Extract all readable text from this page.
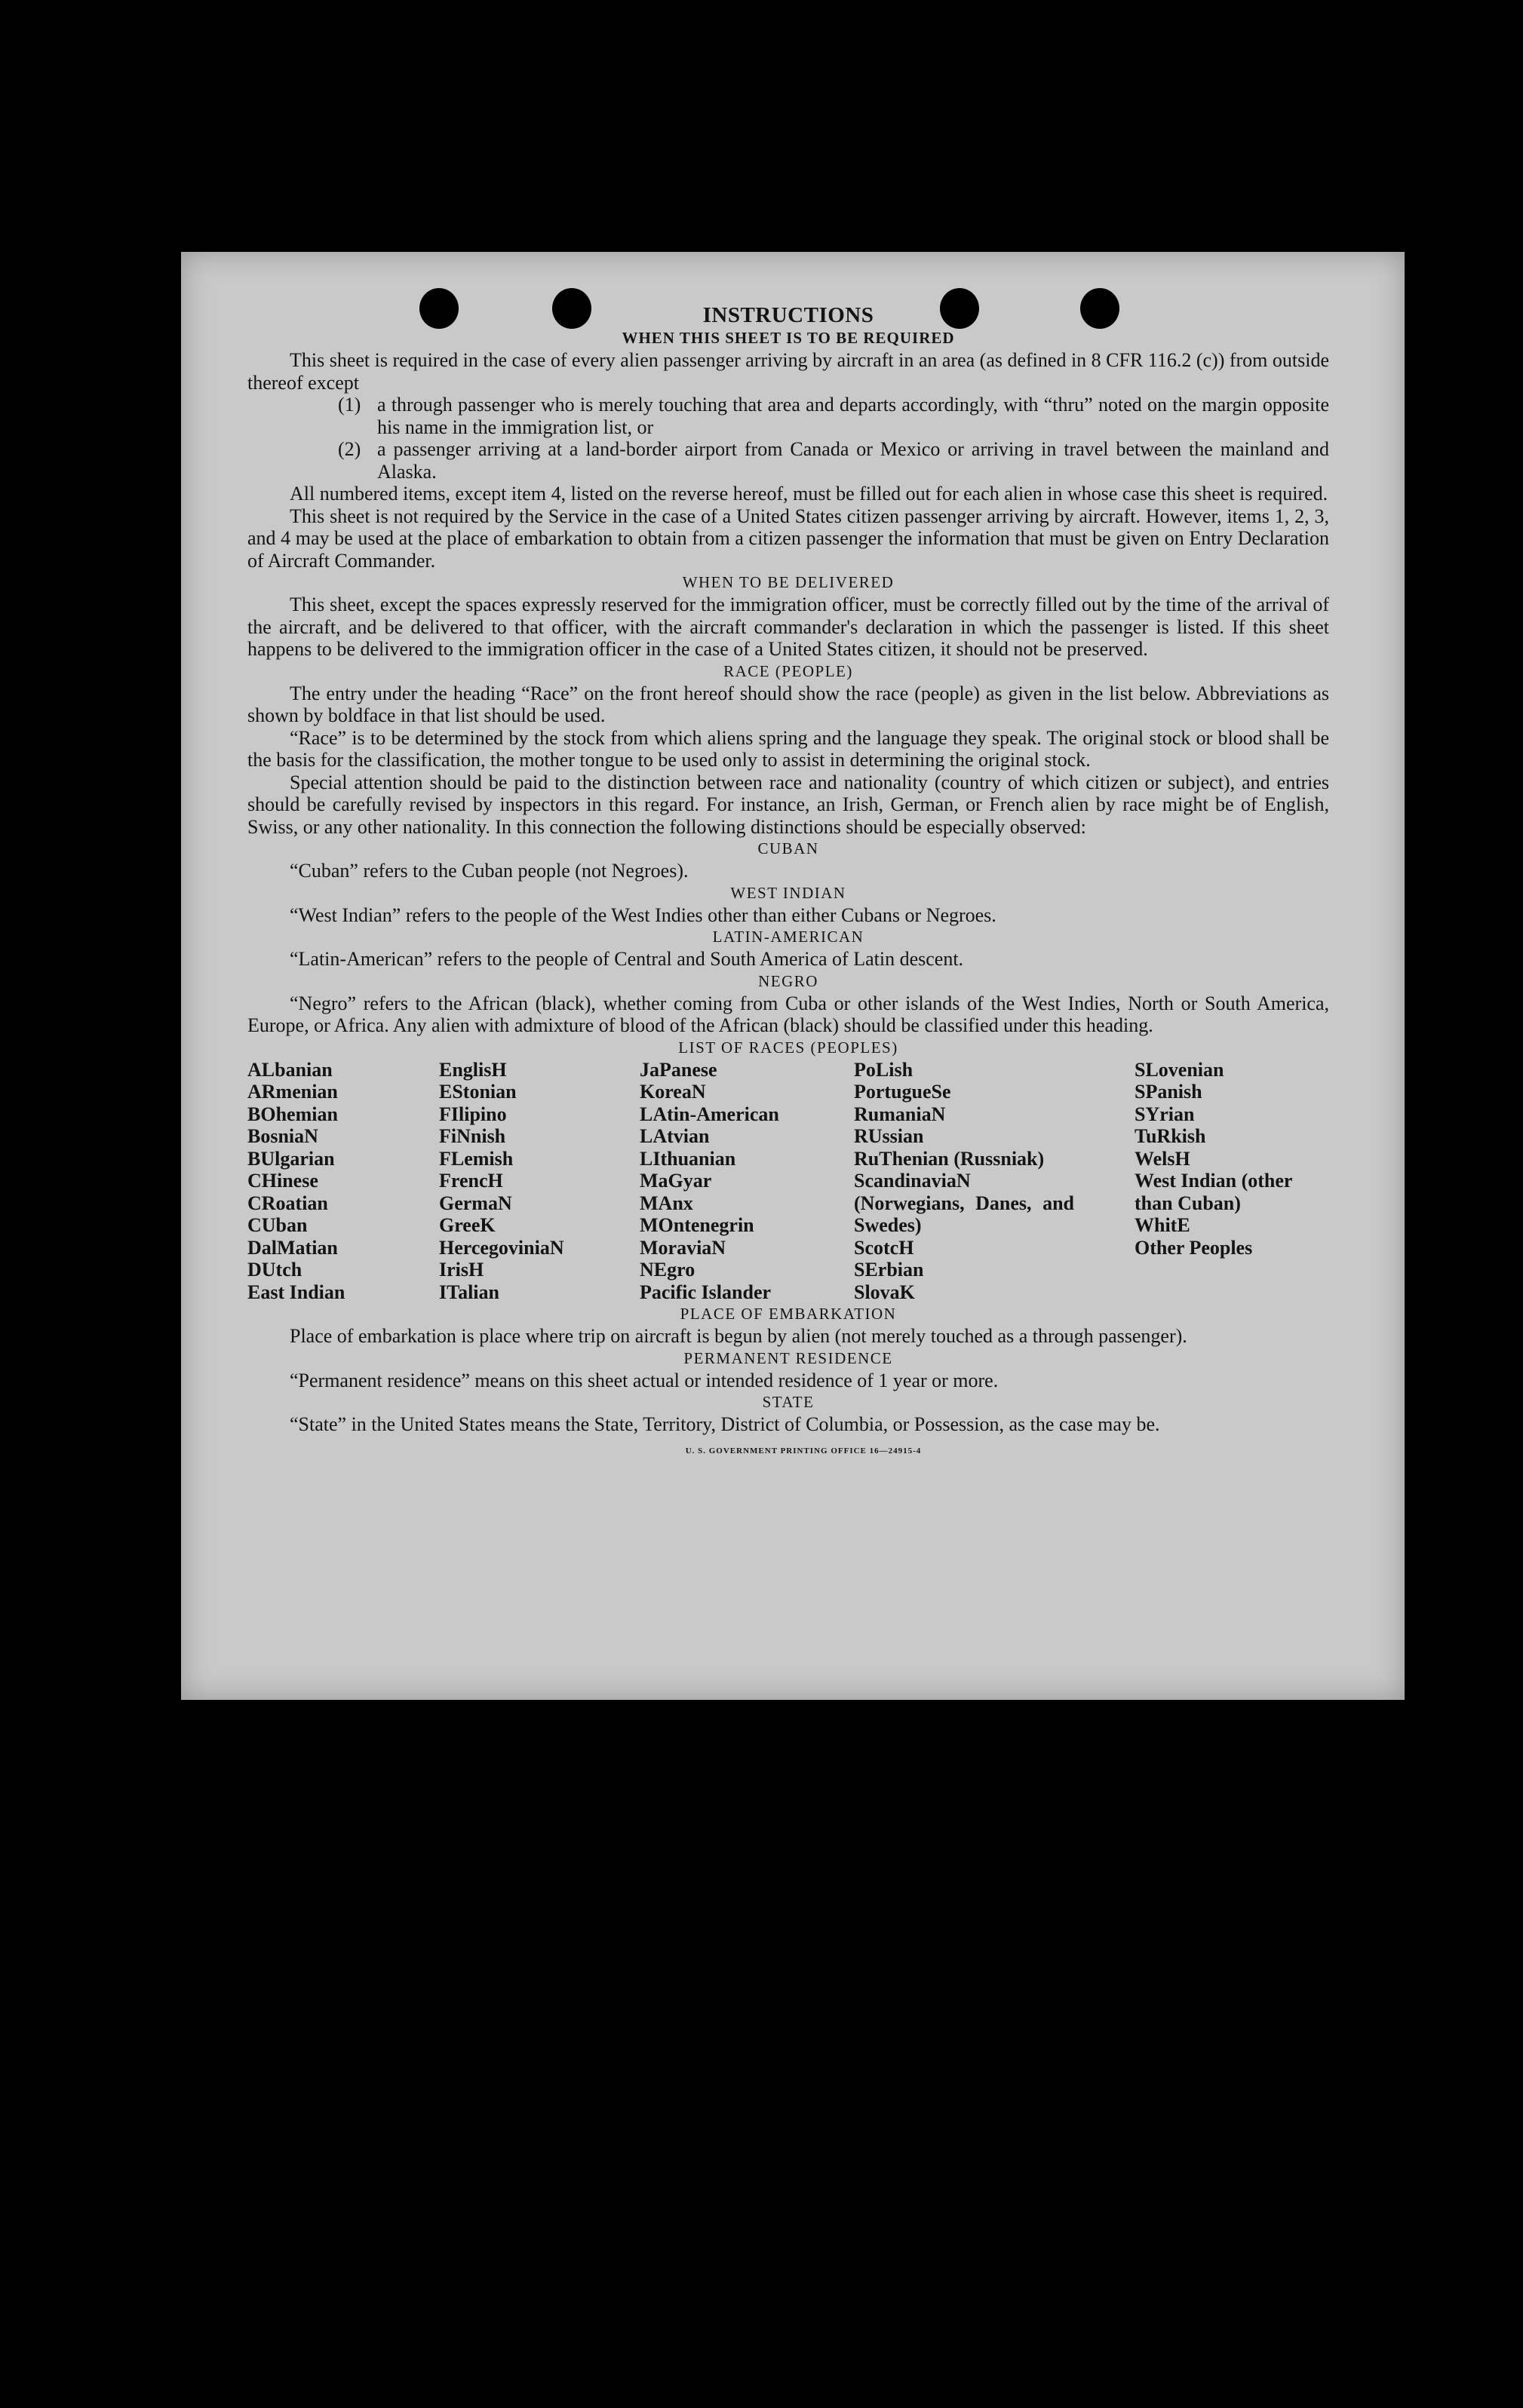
INSTRUCTIONS
WHEN THIS SHEET IS TO BE REQUIRED

This sheet is required in the case of every alien passenger arriving by aircraft in an area (as defined in 8 CFR 116.2 (c)) from outside thereof except

(1) a through passenger who is merely touching that area and departs accordingly, with “thru” noted on the margin opposite his name in the immigration list, or
(2) a passenger arriving at a land-border airport from Canada or Mexico or arriving in travel between the mainland and Alaska.

All numbered items, except item 4, listed on the reverse hereof, must be filled out for each alien in whose case this sheet is required.

This sheet is not required by the Service in the case of a United States citizen passenger arriving by aircraft. However, items 1, 2, 3, and 4 may be used at the place of embarkation to obtain from a citizen passenger the information that must be given on Entry Declaration of Aircraft Commander.

WHEN TO BE DELIVERED

This sheet, except the spaces expressly reserved for the immigration officer, must be correctly filled out by the time of the arrival of the aircraft, and be delivered to that officer, with the aircraft commander's declaration in which the passenger is listed. If this sheet happens to be delivered to the immigration officer in the case of a United States citizen, it should not be preserved.

RACE (PEOPLE)

The entry under the heading “Race” on the front hereof should show the race (people) as given in the list below. Abbreviations as shown by boldface in that list should be used.

“Race” is to be determined by the stock from which aliens spring and the language they speak. The original stock or blood shall be the basis for the classification, the mother tongue to be used only to assist in determining the original stock.

Special attention should be paid to the distinction between race and nationality (country of which citizen or subject), and entries should be carefully revised by inspectors in this regard. For instance, an Irish, German, or French alien by race might be of English, Swiss, or any other nationality. In this connection the following distinctions should be especially observed:

CUBAN

“Cuban” refers to the Cuban people (not Negroes).

WEST INDIAN

“West Indian” refers to the people of the West Indies other than either Cubans or Negroes.

LATIN-AMERICAN

“Latin-American” refers to the people of Central and South America of Latin descent.

NEGRO

“Negro” refers to the African (black), whether coming from Cuba or other islands of the West Indies, North or South America, Europe, or Africa. Any alien with admixture of blood of the African (black) should be classified under this heading.

LIST OF RACES (PEOPLES)
ALbanian
ARmenian
BOhemian
BosniaN
BUlgarian
CHinese
CRoatian
CUban
DalMatian
DUtch
East Indian
EnglisH
EStonian
FIlipino
FiNnish
FLemish
FrencH
GermaN
GreeK
HercegoviniaN
IrisH
ITalian
JaPanese
KoreaN
LAtin-American
LAtvian
LIthuanian
MaGyar
MAnx
MOntenegrin
MoraviaN
NEgro
Pacific Islander
PoLish
PortugueSe
RumaniaN
RUssian
RuThenian (Russniak)
ScandinaviaN (Norwegians, Danes, and Swedes)
ScotcH
SErbian
SlovaK
SLovenian
SPanish
SYrian
TuRkish
WelsH
West Indian (other than Cuban)
WhitE
Other Peoples
PLACE OF EMBARKATION

Place of embarkation is place where trip on aircraft is begun by alien (not merely touched as a through passenger).

PERMANENT RESIDENCE

“Permanent residence” means on this sheet actual or intended residence of 1 year or more.

STATE

“State” in the United States means the State, Territory, District of Columbia, or Possession, as the case may be.

U. S. GOVERNMENT PRINTING OFFICE 16—24915-4
